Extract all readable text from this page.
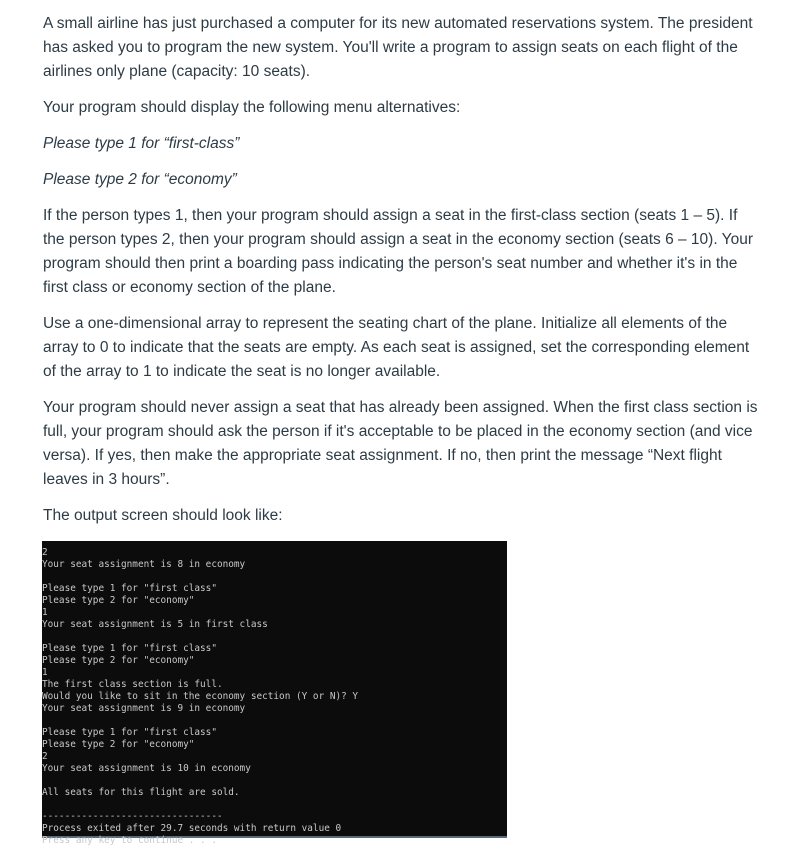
A small airline has just purchased a computer for its new automated reservations system. The president has asked you to program the new system. You'll write a program to assign seats on each flight of the airlines only plane (capacity: 10 seats).

Your program should display the following menu alternatives:

Please type 1 for “first-class”

Please type 2 for “economy”

If the person types 1, then your program should assign a seat in the first-class section (seats 1 – 5). If the person types 2, then your program should assign a seat in the economy section (seats 6 – 10). Your program should then print a boarding pass indicating the person's seat number and whether it's in the first class or economy section of the plane.

Use a one-dimensional array to represent the seating chart of the plane. Initialize all elements of the array to 0 to indicate that the seats are empty. As each seat is assigned, set the corresponding element of the array to 1 to indicate the seat is no longer available.

Your program should never assign a seat that has already been assigned. When the first class section is full, your program should ask the person if it's acceptable to be placed in the economy section (and vice versa). If yes, then make the appropriate seat assignment. If no, then print the message “Next flight leaves in 3 hours”.

The output screen should look like:

2
Your seat assignment is 8 in economy
Please type 1 for "first class"
Please type 2 for "economy"
1
Your seat assignment is 5 in first class
Please type 1 for "first class"
Please type 2 for "economy"
1
The first class section is full.
Would you like to sit in the economy section (Y or N)? Y
Your seat assignment is 9 in economy
Please type 1 for "first class"
Please type 2 for "economy"
2
Your seat assignment is 10 in economy
All seats for this flight are sold.
--------------------------------
Process exited after 29.7 seconds with return value 0
Press any key to continue . . .
